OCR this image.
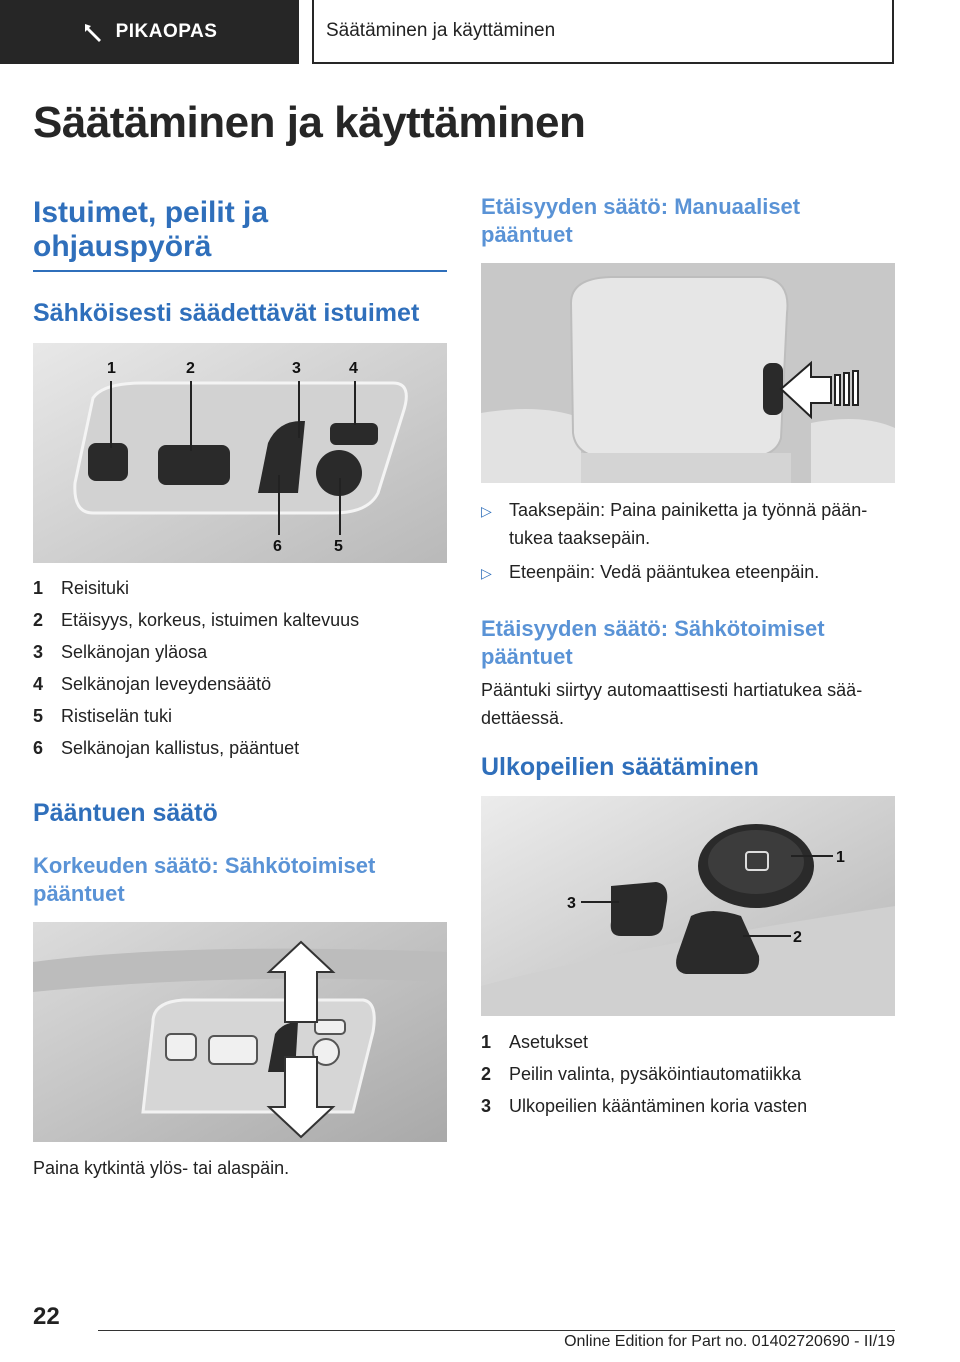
PIKAOPAS	Säätäminen ja käyttäminen
Säätäminen ja käyttäminen
Istuimet, peilit ja ohjauspyörä
Sähköisesti säädettävät istuimet
1	2	3	4
5
6
1 Reisituki
2 Etäisyys, korkeus, istuimen kaltevuus
3 Selkänojan yläosa
4 Selkänojan leveydensäätö
5 Ristiselän tuki
6 Selkänojan kallistus, pääntuet
Pääntuen säätö
Korkeuden säätö: Sähkötoimiset pääntuet
Paina kytkintä ylös- tai alaspäin.
Etäisyyden säätö: Manuaaliset pääntuet
▷ Taaksepäin: Paina painiketta ja työnnä pään-tukea taaksepäin.
▷ Eteenpäin: Vedä pääntukea eteenpäin.
Etäisyyden säätö: Sähkötoimiset pääntuet
Pääntuki siirtyy automaattisesti hartiatukea sää-dettäessä.
Ulkopeilien säätäminen
1
2
3
1 Asetukset
2 Peilin valinta, pysäköintiautomatiikka
3 Ulkopeilien kääntäminen koria vasten
22
Online Edition for Part no. 01402720690 - II/19
